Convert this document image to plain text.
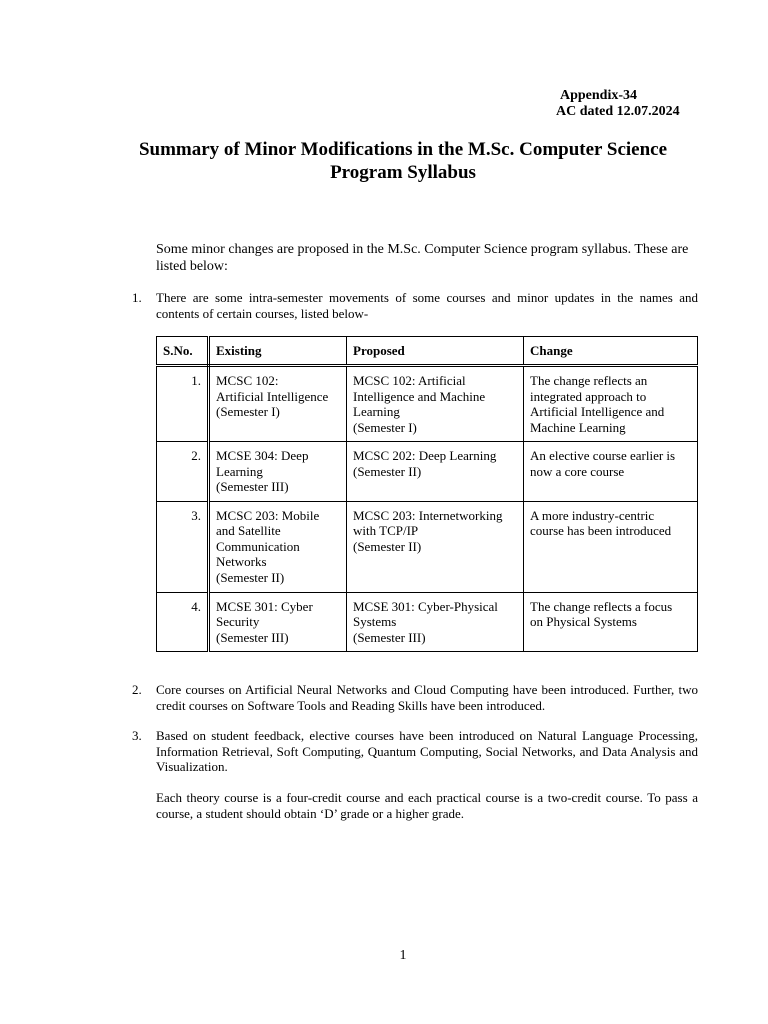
Appendix-34
AC dated 12.07.2024
Summary of Minor Modifications in the M.Sc. Computer Science
Program Syllabus
Some minor changes are proposed in the M.Sc. Computer Science program syllabus. These are listed below:
1. There are some intra-semester movements of some courses and minor updates in the names and contents of certain courses, listed below-
S.No.	Existing	Proposed	Change
1.	MCSC 102:
Artificial Intelligence
(Semester I)	MCSC 102: Artificial
Intelligence and Machine
Learning
(Semester I)	The change reflects an
integrated approach to
Artificial Intelligence and
Machine Learning

2.	MCSE 304: Deep
Learning
(Semester III)	MCSC 202: Deep Learning
(Semester II)	An elective course earlier is
now a core course

3.	MCSC 203: Mobile
and Satellite
Communication
Networks
(Semester II)	MCSC 203: Internetworking
with TCP/IP
(Semester II)	A more industry-centric
course has been introduced

4.	MCSE 301: Cyber
Security
(Semester III)	MCSE 301: Cyber-Physical
Systems
(Semester III)	The change reflects a focus
on Physical Systems
2. Core courses on Artificial Neural Networks and Cloud Computing have been introduced. Further, two credit courses on Software Tools and Reading Skills have been introduced.
3. Based on student feedback, elective courses have been introduced on Natural Language Processing, Information Retrieval, Soft Computing, Quantum Computing, Social Networks, and Data Analysis and Visualization.
Each theory course is a four-credit course and each practical course is a two-credit course. To pass a course, a student should obtain ‘D’ grade or a higher grade.
1
